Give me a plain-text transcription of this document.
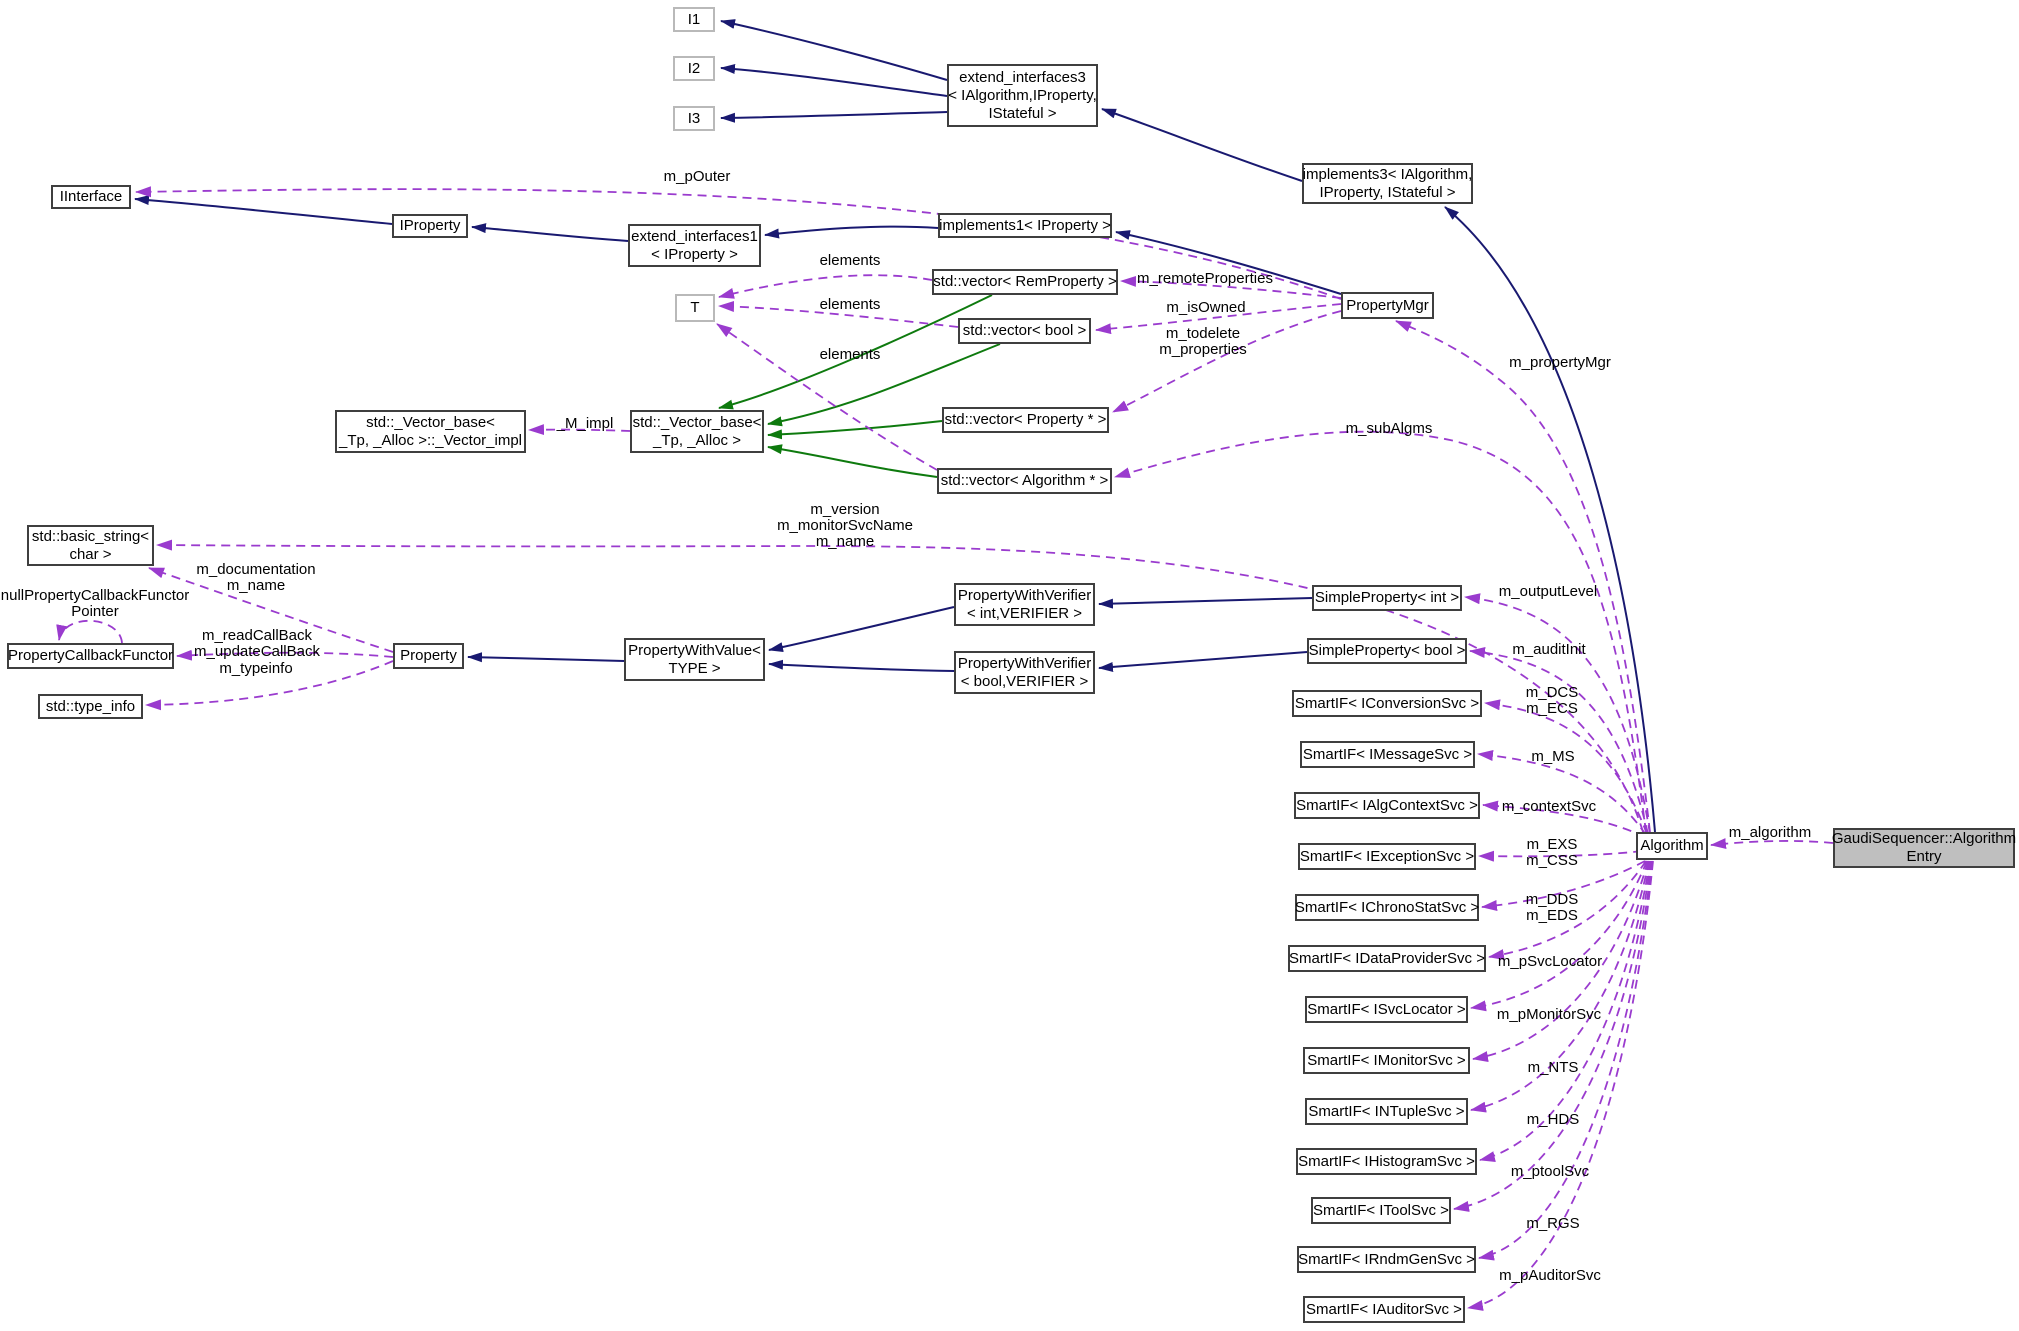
I1
I2
I3
extend_interfaces3
< IAlgorithm,IProperty,
IStateful >
implements3< IAlgorithm,
IProperty, IStateful >
IInterface
IProperty
extend_interfaces1
< IProperty >
implements1< IProperty >
std::vector< RemProperty >
std::vector< bool >
T	PropertyMgr
std::vector< Property * >
std::vector< Algorithm * >
std::_Vector_base<
_Tp, _Alloc >::_Vector_impl
std::_Vector_base<
_Tp, _Alloc >
std::basic_string<
char >
PropertyCallbackFunctor
std::type_info
Property	PropertyWithValue<
TYPE >
PropertyWithVerifier
< int,VERIFIER >
PropertyWithVerifier
< bool,VERIFIER >
SimpleProperty< int >
SimpleProperty< bool >
SmartIF< IConversionSvc >
SmartIF< IMessageSvc >
SmartIF< IAlgContextSvc >
SmartIF< IExceptionSvc >
SmartIF< IChronoStatSvc >
SmartIF< IDataProviderSvc >
SmartIF< ISvcLocator >
SmartIF< IMonitorSvc >
SmartIF< INTupleSvc >
SmartIF< IHistogramSvc >
SmartIF< IToolSvc >
SmartIF< IRndmGenSvc >
SmartIF< IAuditorSvc >
Algorithm	GaudiSequencer::Algorithm
Entry
m_pOuter
elements
elements
elements
m_remoteProperties
m_isOwned
m_todelete
m_properties
m_propertyMgr
m_subAlgms
_M_impl
m_version
m_monitorSvcName
m_name
m_documentation
m_name
nullPropertyCallbackFunctor
Pointer
m_readCallBack
m_updateCallBack
m_typeinfo
m_outputLevel
m_auditInit
m_DCS
m_ECS
m_MS
m_contextSvc
m_EXS
m_CSS
m_DDS
m_EDS
m_pSvcLocator
m_pMonitorSvc
m_NTS
m_HDS
m_ptoolSvc
m_RGS
m_pAuditorSvc
m_algorithm
